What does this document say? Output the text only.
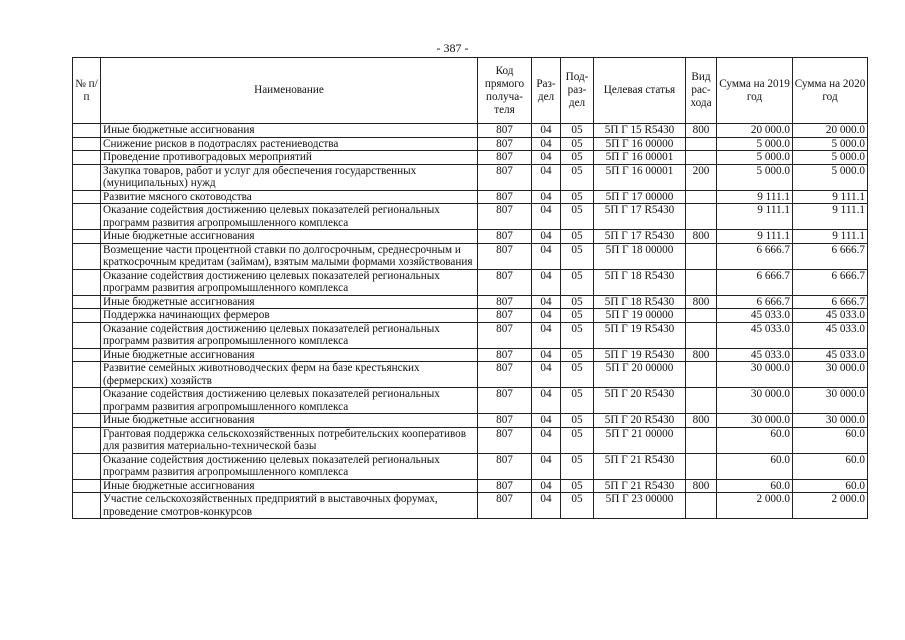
- 387 -
№ п/п	Наименование	Код прямого получа-теля	Раз-дел	Под-раз-дел	Целевая статья	Вид рас-хода	Сумма на 2019 год	Сумма на 2020 год
	Иные бюджетные ассигнования	807	04	05	5П Г 15 R5430	800	20 000.0	20 000.0
	Снижение рисков в подотраслях растениеводства	807	04	05	5П Г 16 00000		5 000.0	5 000.0
	Проведение противоградовых мероприятий	807	04	05	5П Г 16 00001		5 000.0	5 000.0
	Закупка товаров, работ и услуг для обеспечения государственных (муниципальных) нужд	807	04	05	5П Г 16 00001	200	5 000.0	5 000.0
	Развитие мясного скотоводства	807	04	05	5П Г 17 00000		9 111.1	9 111.1
	Оказание содействия достижению целевых показателей региональных программ развития агропромышленного комплекса	807	04	05	5П Г 17 R5430		9 111.1	9 111.1
	Иные бюджетные ассигнования	807	04	05	5П Г 17 R5430	800	9 111.1	9 111.1
	Возмещение части процентной ставки по долгосрочным, среднесрочным и краткосрочным кредитам (займам), взятым малыми формами хозяйствования	807	04	05	5П Г 18 00000		6 666.7	6 666.7
	Оказание содействия достижению целевых показателей региональных программ развития агропромышленного комплекса	807	04	05	5П Г 18 R5430		6 666.7	6 666.7
	Иные бюджетные ассигнования	807	04	05	5П Г 18 R5430	800	6 666.7	6 666.7
	Поддержка начинающих фермеров	807	04	05	5П Г 19 00000		45 033.0	45 033.0
	Оказание содействия достижению целевых показателей региональных программ развития агропромышленного комплекса	807	04	05	5П Г 19 R5430		45 033.0	45 033.0
	Иные бюджетные ассигнования	807	04	05	5П Г 19 R5430	800	45 033.0	45 033.0
	Развитие семейных животноводческих ферм на базе крестьянских (фермерских) хозяйств	807	04	05	5П Г 20 00000		30 000.0	30 000.0
	Оказание содействия достижению целевых показателей региональных программ развития агропромышленного комплекса	807	04	05	5П Г 20 R5430		30 000.0	30 000.0
	Иные бюджетные ассигнования	807	04	05	5П Г 20 R5430	800	30 000.0	30 000.0
	Грантовая поддержка сельскохозяйственных потребительских кооперативов для развития материально-технической базы	807	04	05	5П Г 21 00000		60.0	60.0
	Оказание содействия достижению целевых показателей региональных программ развития агропромышленного комплекса	807	04	05	5П Г 21 R5430		60.0	60.0
	Иные бюджетные ассигнования	807	04	05	5П Г 21 R5430	800	60.0	60.0
	Участие сельскохозяйственных предприятий в выставочных форумах, проведение смотров-конкурсов	807	04	05	5П Г 23 00000		2 000.0	2 000.0
